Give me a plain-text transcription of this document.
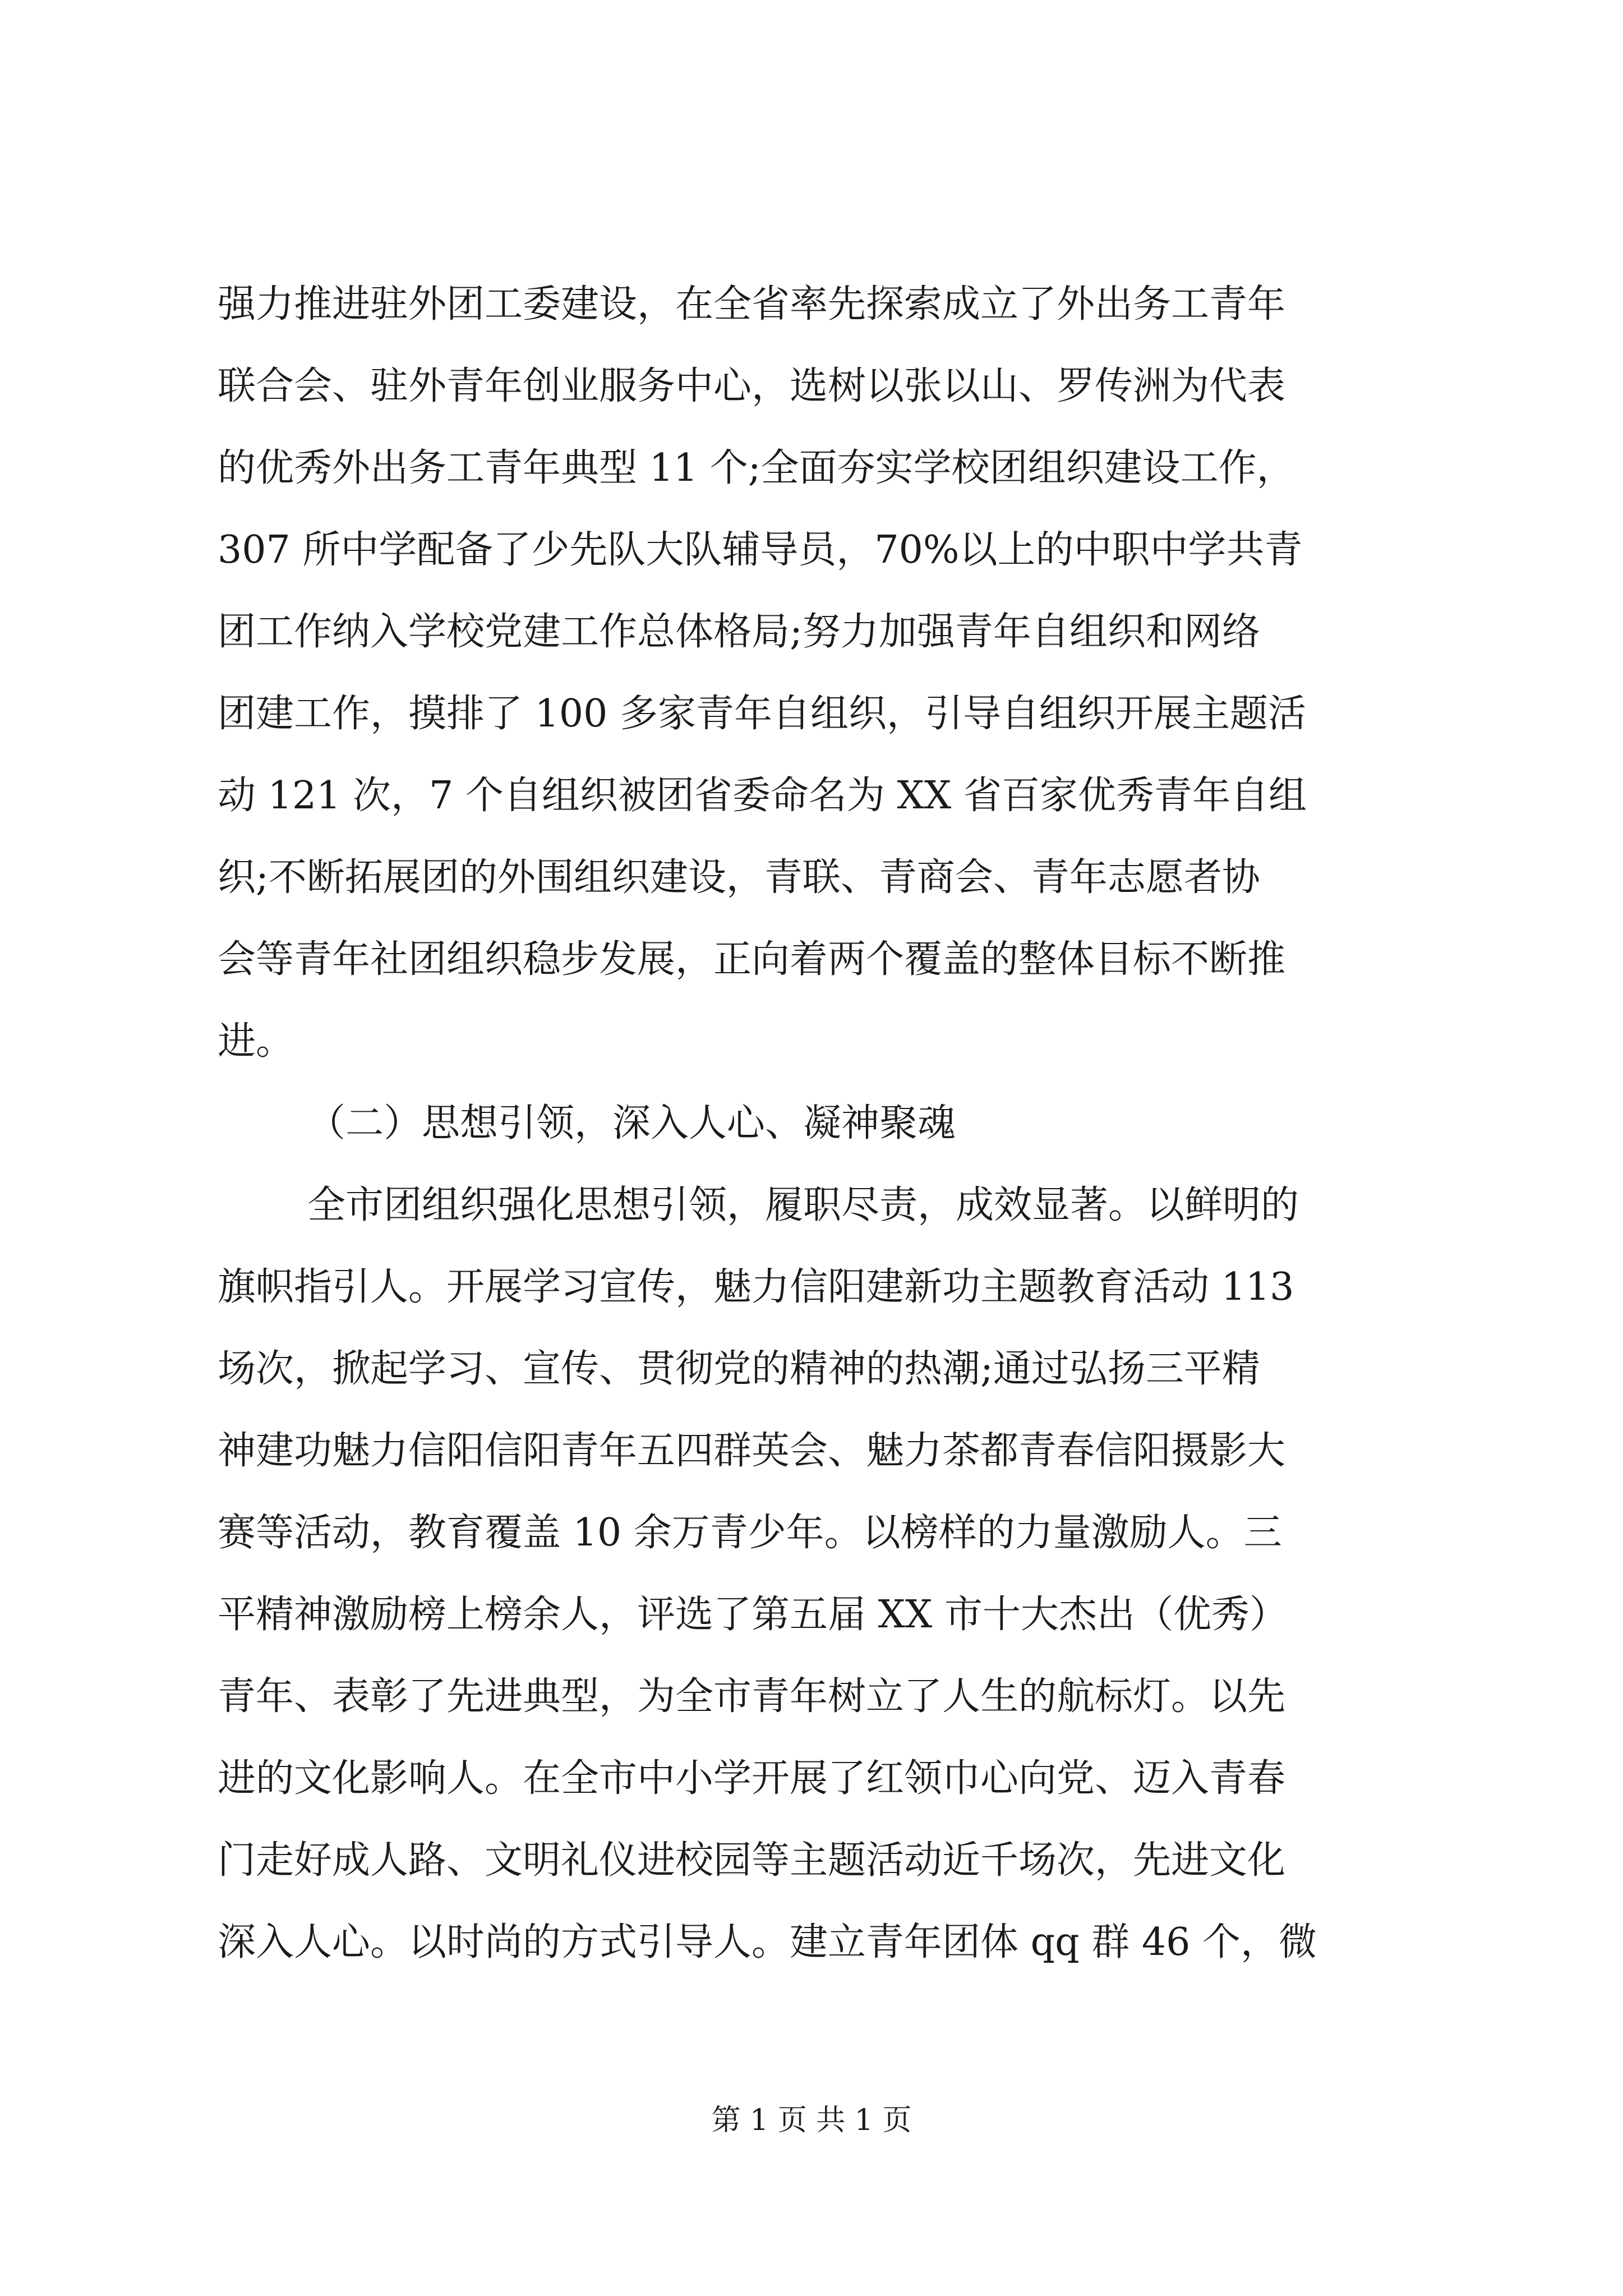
强力推进驻外团工委建设，在全省率先探索成立了外出务工青年
联合会、驻外青年创业服务中心，选树以张以山、罗传洲为代表
的优秀外出务工青年典型 11 个;全面夯实学校团组织建设工作，
307 所中学配备了少先队大队辅导员，70%以上的中职中学共青
团工作纳入学校党建工作总体格局;努力加强青年自组织和网络
团建工作，摸排了 100 多家青年自组织，引导自组织开展主题活
动 121 次，7 个自组织被团省委命名为 XX 省百家优秀青年自组
织;不断拓展团的外围组织建设，青联、青商会、青年志愿者协
会等青年社团组织稳步发展，正向着两个覆盖的整体目标不断推
进。
（二）思想引领，深入人心、凝神聚魂
全市团组织强化思想引领，履职尽责，成效显著。以鲜明的
旗帜指引人。开展学习宣传，魅力信阳建新功主题教育活动 113
场次，掀起学习、宣传、贯彻党的精神的热潮;通过弘扬三平精
神建功魅力信阳信阳青年五四群英会、魅力茶都青春信阳摄影大
赛等活动，教育覆盖 10 余万青少年。以榜样的力量激励人。三
平精神激励榜上榜余人，评选了第五届 XX 市十大杰出（优秀）
青年、表彰了先进典型，为全市青年树立了人生的航标灯。以先
进的文化影响人。在全市中小学开展了红领巾心向党、迈入青春
门走好成人路、文明礼仪进校园等主题活动近千场次，先进文化
深入人心。以时尚的方式引导人。建立青年团体 qq 群 46 个，微
第 1 页 共 1 页
